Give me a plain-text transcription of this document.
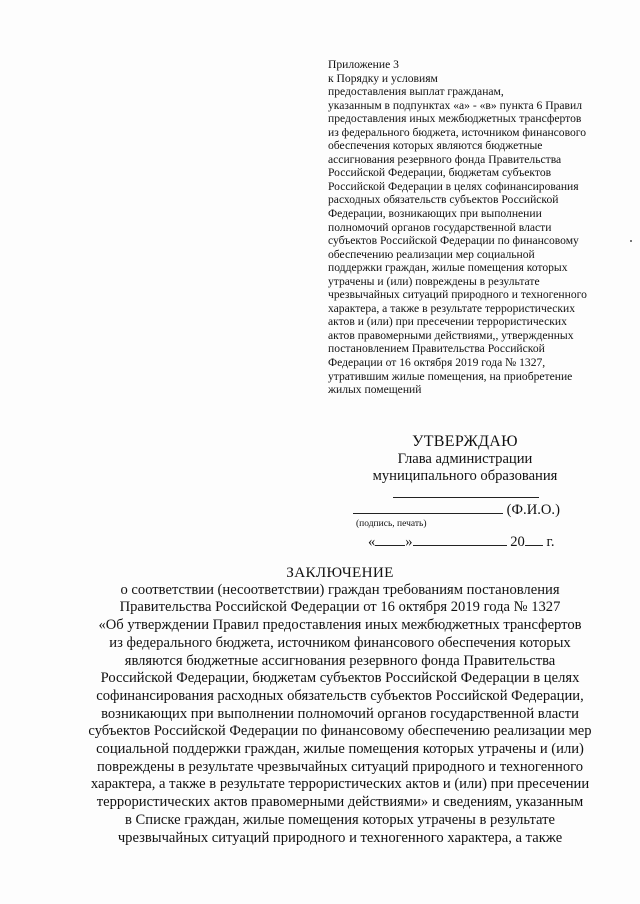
Приложение 3
к Порядку и условиям
предоставления выплат гражданам,
указанным в подпунктах «а» - «в» пункта 6 Правил
предоставления иных межбюджетных трансфертов
из федерального бюджета, источником финансового
обеспечения которых являются бюджетные
ассигнования резервного фонда Правительства
Российской Федерации, бюджетам субъектов
Российской Федерации в целях софинансирования
расходных обязательств субъектов Российской
Федерации, возникающих при выполнении
полномочий органов государственной власти
субъектов Российской Федерации по финансовому
обеспечению реализации мер социальной
поддержки граждан, жилые помещения которых
утрачены и (или) повреждены в результате
чрезвычайных ситуаций природного и техногенного
характера, а также в результате террористических
актов и (или) при пресечении террористических
актов правомерными действиями,, утвержденных
постановлением Правительства Российской
Федерации от 16 октября 2019 года № 1327,
утратившим жилые помещения, на приобретение
жилых помещений
УТВЕРЖДАЮ
Глава администрации
муниципального образования
(Ф.И.О.)
(подпись, печать)
« »	20 г.
ЗАКЛЮЧЕНИЕ
о соответствии (несоответствии) граждан требованиям постановления
Правительства Российской Федерации от 16 октября 2019 года № 1327
«Об утверждении Правил предоставления иных межбюджетных трансфертов
из федерального бюджета, источником финансового обеспечения которых
являются бюджетные ассигнования резервного фонда Правительства
Российской Федерации, бюджетам субъектов Российской Федерации в целях
софинансирования расходных обязательств субъектов Российской Федерации,
возникающих при выполнении полномочий органов государственной власти
субъектов Российской Федерации по финансовому обеспечению реализации мер
социальной поддержки граждан, жилые помещения которых утрачены и (или)
повреждены в результате чрезвычайных ситуаций природного и техногенного
характера, а также в результате террористических актов и (или) при пресечении
террористических актов правомерными действиями» и сведениям, указанным
в Списке граждан, жилые помещения которых утрачены в результате
чрезвычайных ситуаций природного и техногенного характера, а также
